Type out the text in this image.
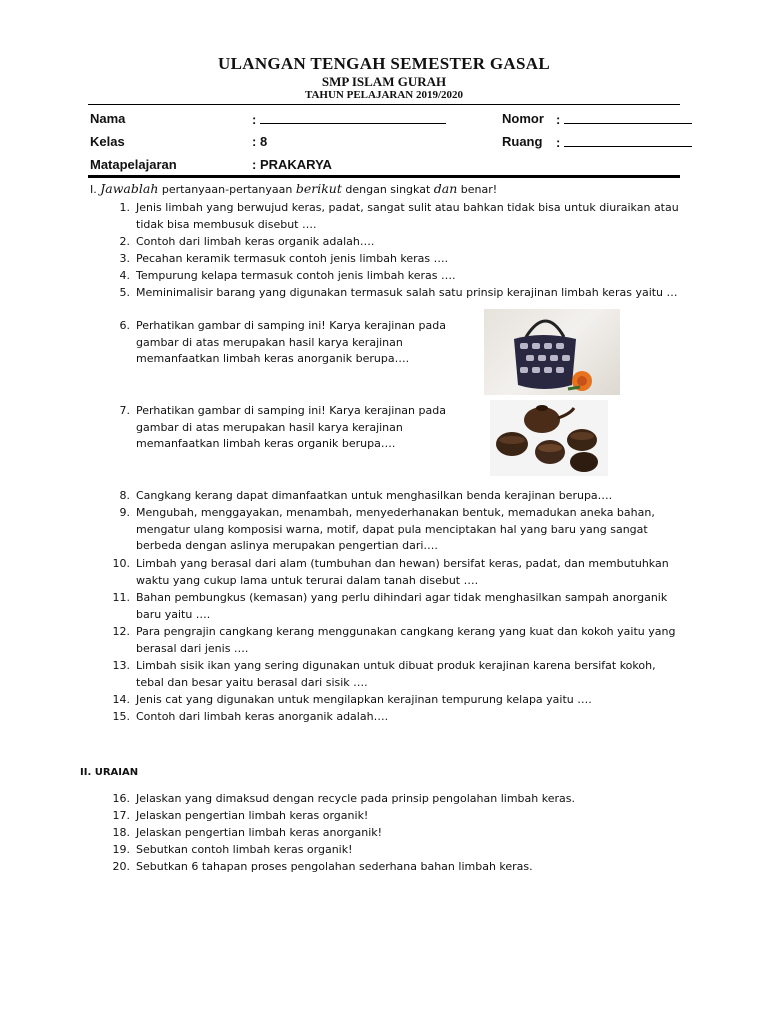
ULANGAN TENGAH SEMESTER GASAL
SMP ISLAM GURAH
TAHUN PELAJARAN 2019/2020
Nama	:
Kelas	: 8
Matapelajaran	: PRAKARYA
Nomor :
Ruang :
I. Jawablah pertanyaan-pertanyaan berikut dengan singkat dan benar!
1. Jenis limbah yang berwujud keras, padat, sangat sulit atau bahkan tidak bisa untuk diuraikan atau tidak bisa membusuk disebut ….
2. Contoh dari limbah keras organik adalah….
3. Pecahan keramik termasuk contoh jenis limbah keras ….
4. Tempurung kelapa termasuk contoh jenis limbah keras ….
5. Meminimalisir barang yang digunakan termasuk salah satu prinsip kerajinan limbah keras yaitu …
6. Perhatikan gambar di samping ini! Karya kerajinan pada gambar di atas merupakan hasil karya kerajinan memanfaatkan limbah keras anorganik berupa….
7. Perhatikan gambar di samping ini! Karya kerajinan pada gambar di atas merupakan hasil karya kerajinan memanfaatkan limbah keras organik berupa….
8. Cangkang kerang dapat dimanfaatkan untuk menghasilkan benda kerajinan berupa….
9. Mengubah, menggayakan, menambah, menyederhanakan bentuk, memadukan aneka bahan, mengatur ulang komposisi warna, motif, dapat pula menciptakan hal yang baru yang sangat berbeda dengan aslinya merupakan pengertian dari….
10. Limbah yang berasal dari alam (tumbuhan dan hewan) bersifat keras, padat, dan membutuhkan waktu yang cukup lama untuk terurai dalam tanah disebut ….
11. Bahan pembungkus (kemasan) yang perlu dihindari agar tidak menghasilkan sampah anorganik baru yaitu ….
12. Para pengrajin cangkang kerang menggunakan cangkang kerang yang kuat dan kokoh yaitu yang berasal dari jenis ….
13. Limbah sisik ikan yang sering digunakan untuk dibuat produk kerajinan karena bersifat kokoh, tebal dan besar yaitu berasal dari sisik ….
14. Jenis cat yang digunakan untuk mengilapkan kerajinan tempurung kelapa yaitu ….
15. Contoh dari limbah keras anorganik adalah….
II. URAIAN
16. Jelaskan yang dimaksud dengan recycle pada prinsip pengolahan limbah keras.
17. Jelaskan pengertian limbah keras organik!
18. Jelaskan pengertian limbah keras anorganik!
19. Sebutkan contoh limbah keras organik!
20. Sebutkan 6 tahapan proses pengolahan sederhana bahan limbah keras.
